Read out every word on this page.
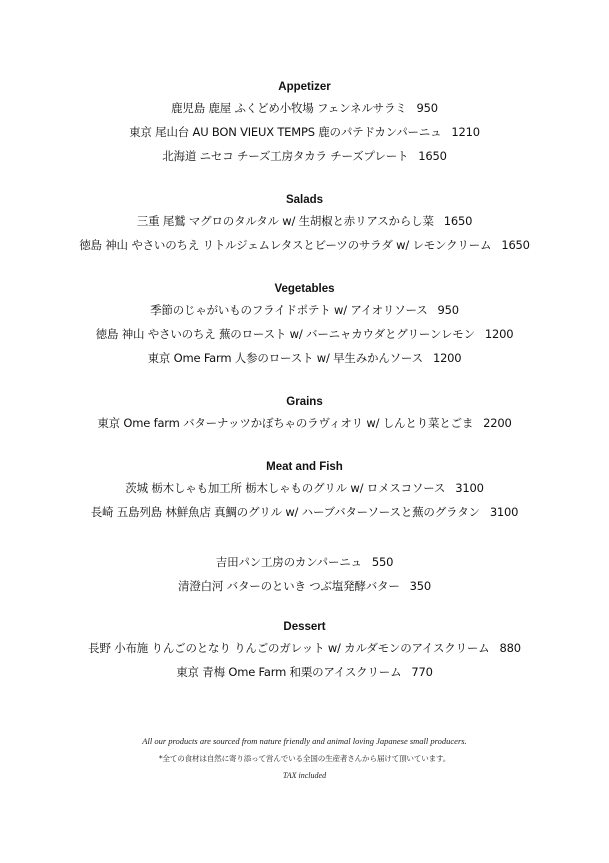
Appetizer
鹿児島 鹿屋 ふくどめ小牧場 フェンネルサラミ 950
東京 尾山台 AU BON VIEUX TEMPS 鹿のパテドカンパーニュ 1210
北海道 ニセコ チーズ工房タカラ チーズプレート 1650
Salads
三重 尾鷲 マグロのタルタル w/ 生胡椒と赤リアスからし菜 1650
徳島 神山 やさいのちえ リトルジェムレタスとビーツのサラダ w/ レモンクリーム 1650
Vegetables
季節のじゃがいものフライドポテト w/ アイオリソース 950
徳島 神山 やさいのちえ 蕪のロースト w/ バーニャカウダとグリーンレモン 1200
東京 Ome Farm 人参のロースト w/ 早生みかんソース 1200
Grains
東京 Ome farm バターナッツかぼちゃのラヴィオリ w/ しんとり菜とごま 2200
Meat and Fish
茨城 栃木しゃも加工所 栃木しゃものグリル w/ ロメスコソース 3100
長崎 五島列島 林鮮魚店 真鯛のグリル w/ ハーブバターソースと蕪のグラタン 3100
吉田パン工房のカンパーニュ 550
清澄白河 バターのといき つぶ塩発酵バター 350
Dessert
長野 小布施 りんごのとなり りんごのガレット w/ カルダモンのアイスクリーム 880
東京 青梅 Ome Farm 和栗のアイスクリーム 770
All our products are sourced from nature friendly and animal loving Japanese small producers.
*全ての食材は自然に寄り添って営んでいる全国の生産者さんから届けて頂いています。
TAX included
